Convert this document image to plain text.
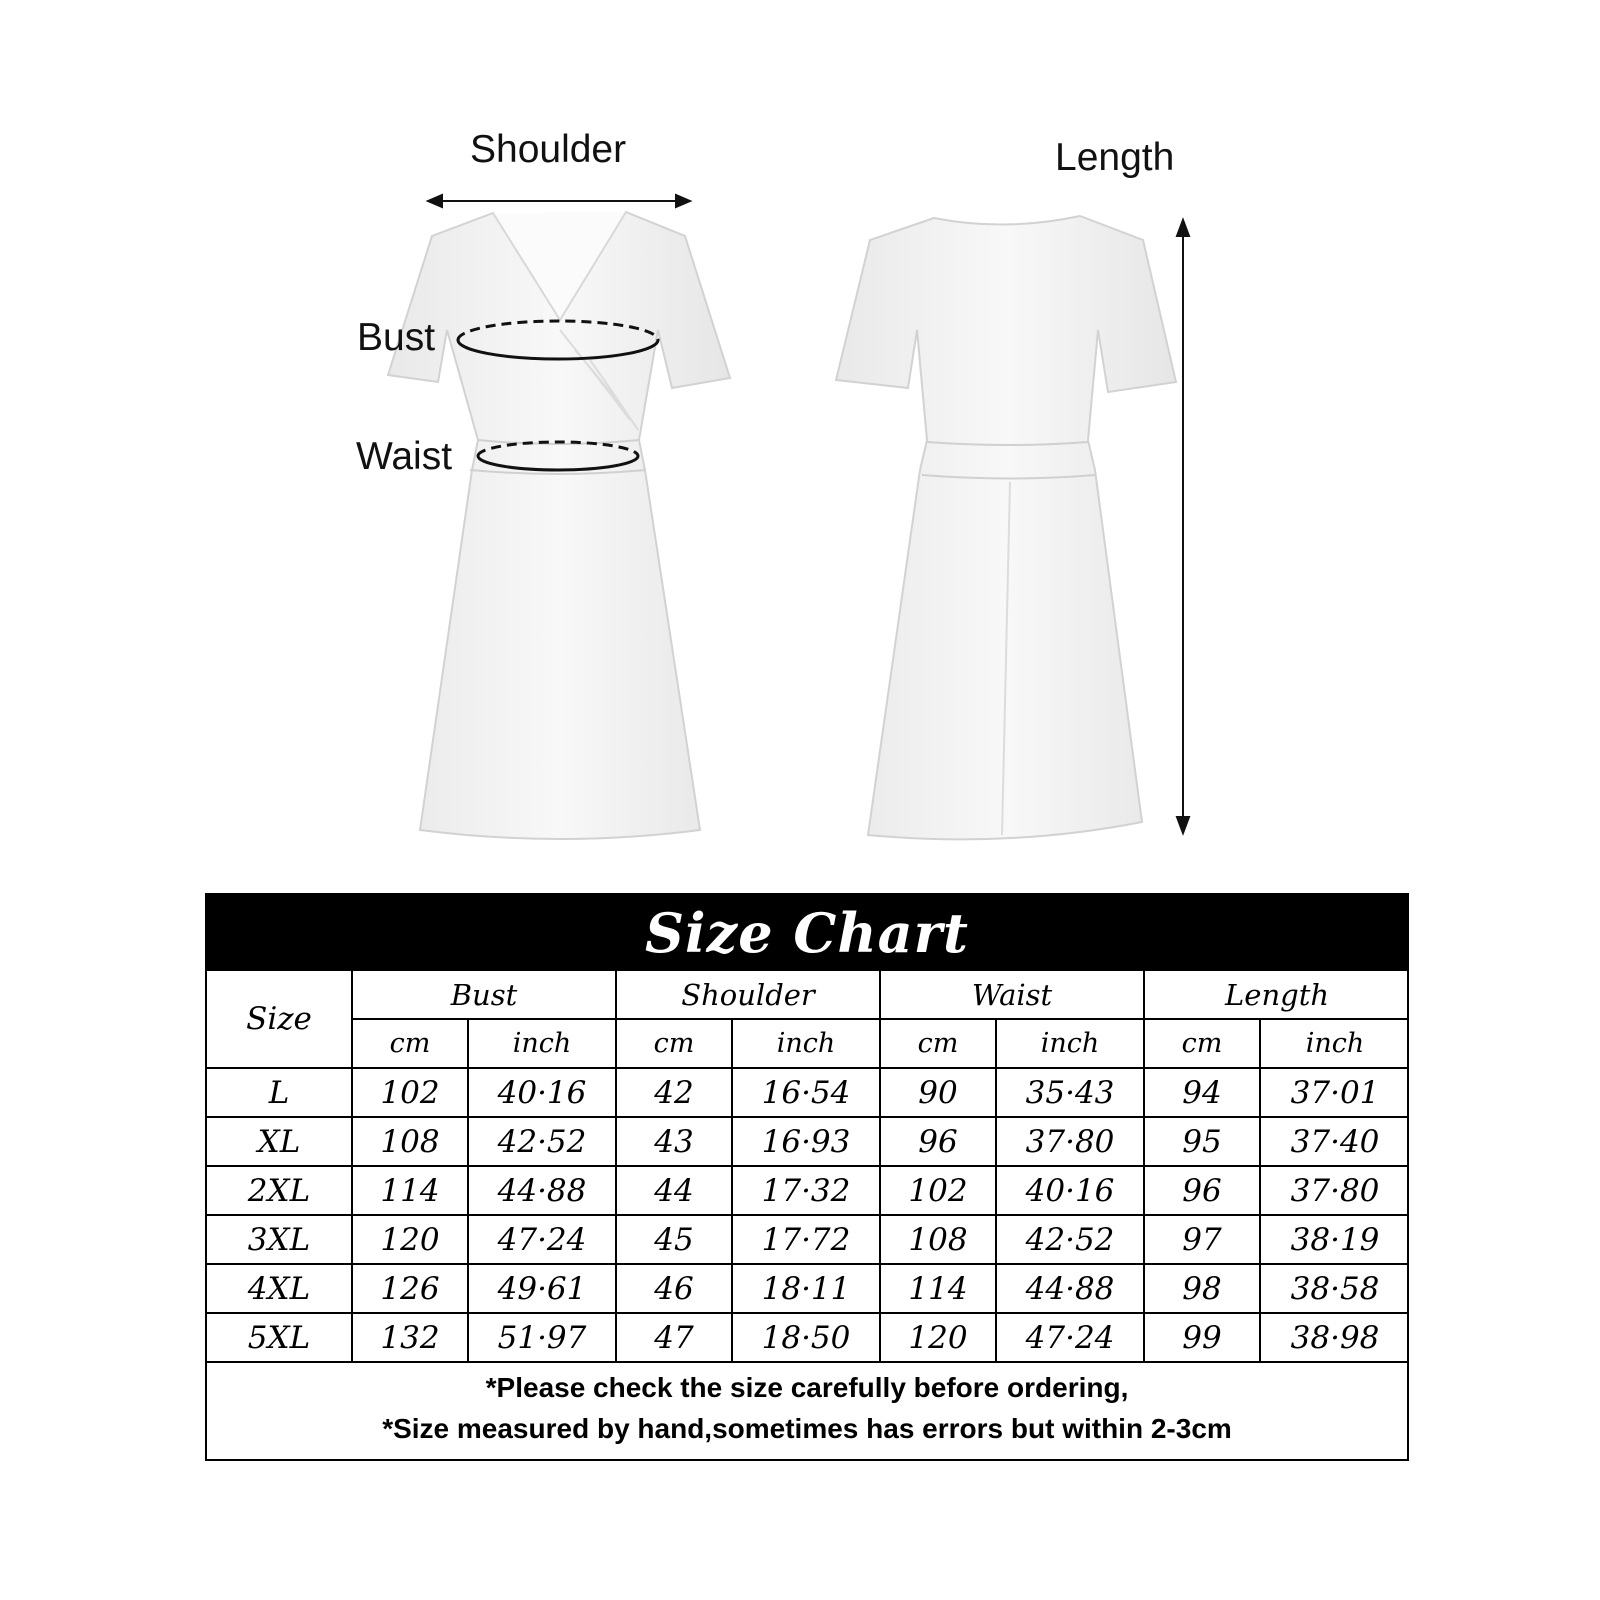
Shoulder	Length
Bust
Waist
Size Chart
Size	Bust		Shoulder		Waist		Length	
	cm	inch	cm	inch	cm	inch	cm	inch
L	102	40·16	42	16·54	90	35·43	94	37·01
XL	108	42·52	43	16·93	96	37·80	95	37·40
2XL	114	44·88	44	17·32	102	40·16	96	37·80
3XL	120	47·24	45	17·72	108	42·52	97	38·19
4XL	126	49·61	46	18·11	114	44·88	98	38·58
5XL	132	51·97	47	18·50	120	47·24	99	38·98
*Please check the size carefully before ordering,
*Size measured by hand,sometimes has errors but within 2-3cm
